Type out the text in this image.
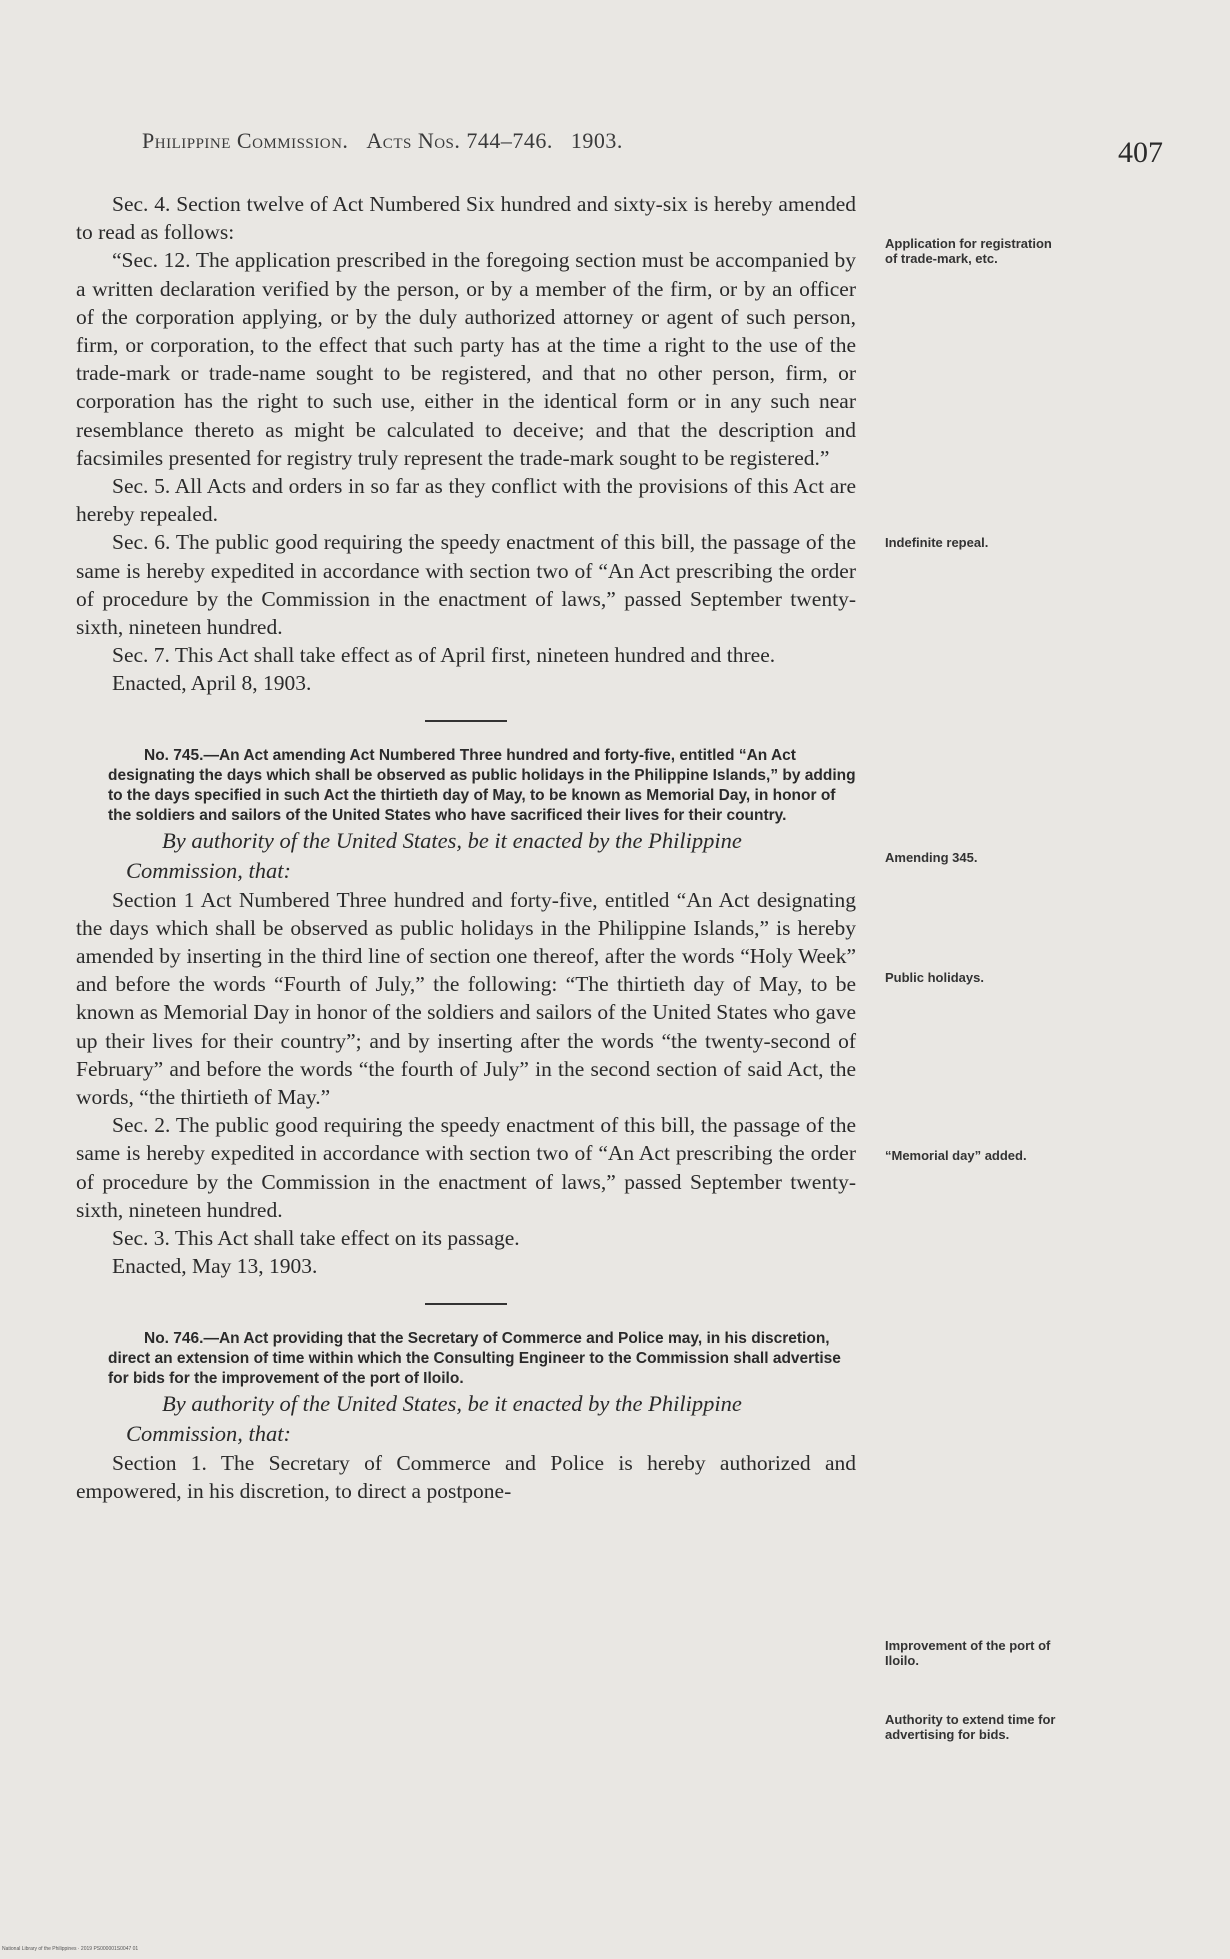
Philippine Commission. Acts Nos. 744–746. 1903.	407

Sec. 4. Section twelve of Act Numbered Six hundred and sixty-six is hereby amended to read as follows:

“Sec. 12. The application prescribed in the foregoing section must be accompanied by a written declaration verified by the person, or by a member of the firm, or by an officer of the corporation applying, or by the duly authorized attorney or agent of such person, firm, or corporation, to the effect that such party has at the time a right to the use of the trade-mark or trade-name sought to be registered, and that no other person, firm, or corporation has the right to such use, either in the identical form or in any such near resemblance thereto as might be calculated to deceive; and that the description and facsimiles presented for registry truly represent the trade-mark sought to be registered.”

Sec. 5. All Acts and orders in so far as they conflict with the provisions of this Act are hereby repealed.

Sec. 6. The public good requiring the speedy enactment of this bill, the passage of the same is hereby expedited in accordance with section two of “An Act prescribing the order of procedure by the Commission in the enactment of laws,” passed September twenty-sixth, nineteen hundred.

Sec. 7. This Act shall take effect as of April first, nineteen hundred and three.

Enacted, April 8, 1903.

No. 745.—An Act amending Act Numbered Three hundred and forty-five, entitled “An Act designating the days which shall be observed as public holidays in the Philippine Islands,” by adding to the days specified in such Act the thirtieth day of May, to be known as Memorial Day, in honor of the soldiers and sailors of the United States who have sacrificed their lives for their country.

By authority of the United States, be it enacted by the Philippine Commission, that:

Section 1 Act Numbered Three hundred and forty-five, entitled “An Act designating the days which shall be observed as public holidays in the Philippine Islands,” is hereby amended by inserting in the third line of section one thereof, after the words “Holy Week” and before the words “Fourth of July,” the following: “The thirtieth day of May, to be known as Memorial Day in honor of the soldiers and sailors of the United States who gave up their lives for their country”; and by inserting after the words “the twenty-second of February” and before the words “the fourth of July” in the second section of said Act, the words, “the thirtieth of May.”

Sec. 2. The public good requiring the speedy enactment of this bill, the passage of the same is hereby expedited in accordance with section two of “An Act prescribing the order of procedure by the Commission in the enactment of laws,” passed September twenty-sixth, nineteen hundred.

Sec. 3. This Act shall take effect on its passage.

Enacted, May 13, 1903.

No. 746.—An Act providing that the Secretary of Commerce and Police may, in his discretion, direct an extension of time within which the Consulting Engineer to the Commission shall advertise for bids for the improvement of the port of Iloilo.

By authority of the United States, be it enacted by the Philippine Commission, that:

Section 1. The Secretary of Commerce and Police is hereby authorized and empowered, in his discretion, to direct a postpone-

Application for registration of trade-mark, etc.
Indefinite repeal.
Amending 345.
Public holidays.
“Memorial day” added.
Improvement of the port of Iloilo.
Authority to extend time for advertising for bids.
National Library of the Philippines · 2019 PS000001S0047 01
